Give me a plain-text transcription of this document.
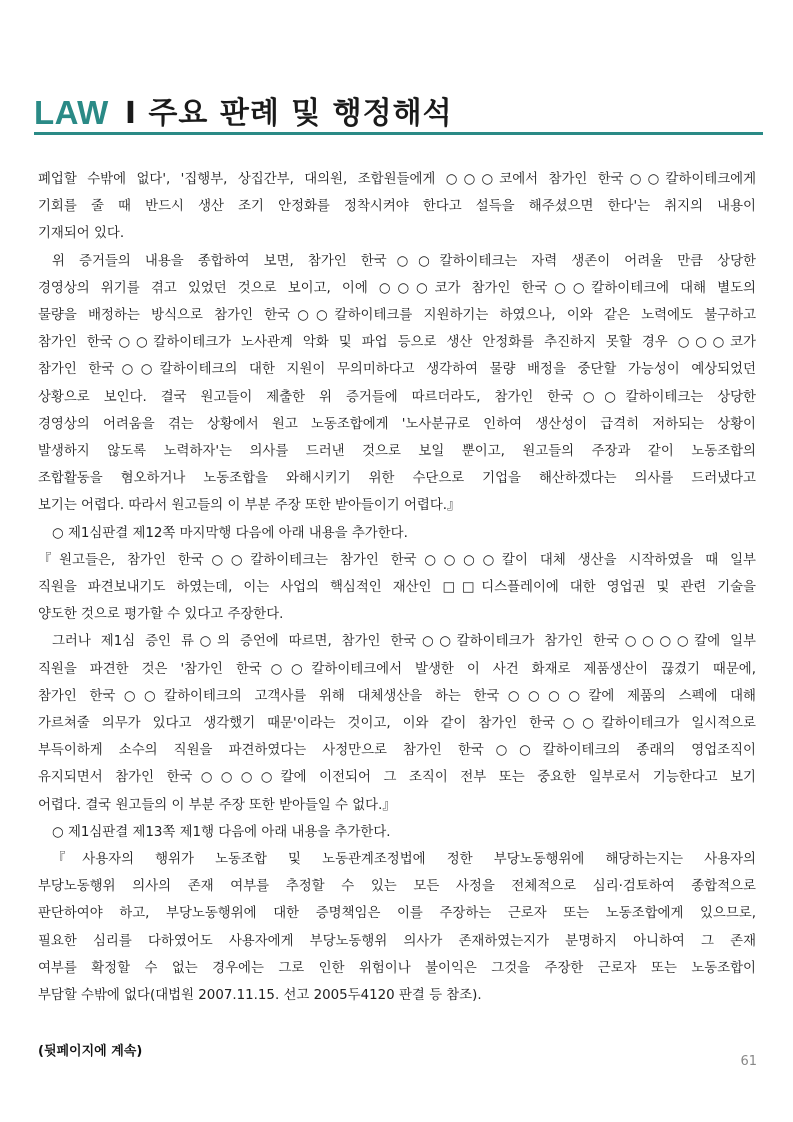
LAW I 주요 판례 및 행정해석

폐업할 수밖에 없다', '집행부, 상집간부, 대의원, 조합원들에게 ○○○코에서 참가인 한국○○칼하이테크에게

기회를 줄 때 반드시 생산 조기 안정화를 정착시켜야 한다고 설득을 해주셨으면 한다'는 취지의 내용이

기재되어 있다.

위 증거들의 내용을 종합하여 보면, 참가인 한국○○칼하이테크는 자력 생존이 어려울 만큼 상당한

경영상의 위기를 겪고 있었던 것으로 보이고, 이에 ○○○코가 참가인 한국○○칼하이테크에 대해 별도의

물량을 배정하는 방식으로 참가인 한국○○칼하이테크를 지원하기는 하였으나, 이와 같은 노력에도 불구하고

참가인 한국○○칼하이테크가 노사관계 악화 및 파업 등으로 생산 안정화를 추진하지 못할 경우 ○○○코가

참가인 한국○○칼하이테크의 대한 지원이 무의미하다고 생각하여 물량 배정을 중단할 가능성이 예상되었던

상황으로 보인다. 결국 원고들이 제출한 위 증거들에 따르더라도, 참가인 한국○○칼하이테크는 상당한

경영상의 어려움을 겪는 상황에서 원고 노동조합에게 '노사분규로 인하여 생산성이 급격히 저하되는 상황이

발생하지 않도록 노력하자'는 의사를 드러낸 것으로 보일 뿐이고, 원고들의 주장과 같이 노동조합의

조합활동을 혐오하거나 노동조합을 와해시키기 위한 수단으로 기업을 해산하겠다는 의사를 드러냈다고

보기는 어렵다. 따라서 원고들의 이 부분 주장 또한 받아들이기 어렵다.』

○ 제1심판결 제12쪽 마지막행 다음에 아래 내용을 추가한다.

『원고들은, 참가인 한국○○칼하이테크는 참가인 한국○○○○칼이 대체 생산을 시작하였을 때 일부

직원을 파견보내기도 하였는데, 이는 사업의 핵심적인 재산인 □□디스플레이에 대한 영업권 및 관련 기술을

양도한 것으로 평가할 수 있다고 주장한다.

그러나 제1심 증인 류○의 증언에 따르면, 참가인 한국○○칼하이테크가 참가인 한국○○○○칼에 일부

직원을 파견한 것은 '참가인 한국○○칼하이테크에서 발생한 이 사건 화재로 제품생산이 끊겼기 때문에,

참가인 한국○○칼하이테크의 고객사를 위해 대체생산을 하는 한국○○○○칼에 제품의 스펙에 대해

가르쳐줄 의무가 있다고 생각했기 때문'이라는 것이고, 이와 같이 참가인 한국○○칼하이테크가 일시적으로

부득이하게 소수의 직원을 파견하였다는 사정만으로 참가인 한국○○칼하이테크의 종래의 영업조직이

유지되면서 참가인 한국○○○○칼에 이전되어 그 조직이 전부 또는 중요한 일부로서 기능한다고 보기

어렵다. 결국 원고들의 이 부분 주장 또한 받아들일 수 없다.』

○ 제1심판결 제13쪽 제1행 다음에 아래 내용을 추가한다.

『사용자의 행위가 노동조합 및 노동관계조정법에 정한 부당노동행위에 해당하는지는 사용자의

부당노동행위 의사의 존재 여부를 추정할 수 있는 모든 사정을 전체적으로 심리·검토하여 종합적으로

판단하여야 하고, 부당노동행위에 대한 증명책임은 이를 주장하는 근로자 또는 노동조합에게 있으므로,

필요한 심리를 다하였어도 사용자에게 부당노동행위 의사가 존재하였는지가 분명하지 아니하여 그 존재

여부를 확정할 수 없는 경우에는 그로 인한 위험이나 불이익은 그것을 주장한 근로자 또는 노동조합이

부담할 수밖에 없다(대법원 2007.11.15. 선고 2005두4120 판결 등 참조).

(뒷페이지에 계속)
61
